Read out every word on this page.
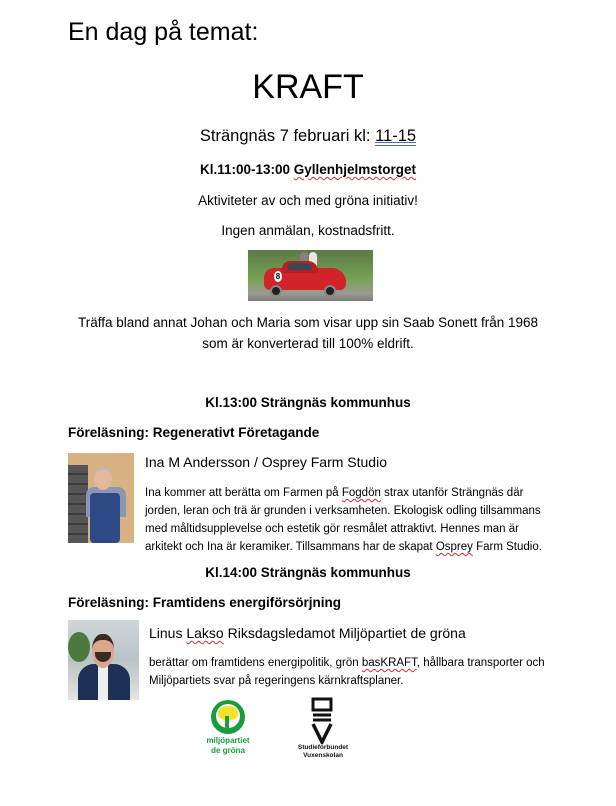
En dag på temat:
KRAFT
Strängnäs 7 februari kl: 11-15
Kl.11:00-13:00 Gyllenhjelmstorget
Aktiviteter av och med gröna initiativ!
Ingen anmälan, kostnadsfritt.
8
Träffa bland annat Johan och Maria som visar upp sin Saab Sonett från 1968
som är konverterad till 100% eldrift.
Kl.13:00 Strängnäs kommunhus
Föreläsning: Regenerativt Företagande
Ina M Andersson / Osprey Farm Studio
Ina kommer att berätta om Farmen på Fogdön strax utanför Strängnäs där
jorden, leran och trä är grunden i verksamheten. Ekologisk odling tillsammans
med måltidsupplevelse och estetik gör resmålet attraktivt. Hennes man är
arkitekt och Ina är keramiker. Tillsammans har de skapat Osprey Farm Studio.
Kl.14:00 Strängnäs kommunhus
Föreläsning: Framtidens energiförsörjning
Linus Lakso Riksdagsledamot Miljöpartiet de gröna
berättar om framtidens energipolitik, grön basKRAFT, hållbara transporter och
Miljöpartiets svar på regeringens kärnkraftsplaner.
miljöpartiet
de gröna	Studieförbundet
Vuxenskolan
